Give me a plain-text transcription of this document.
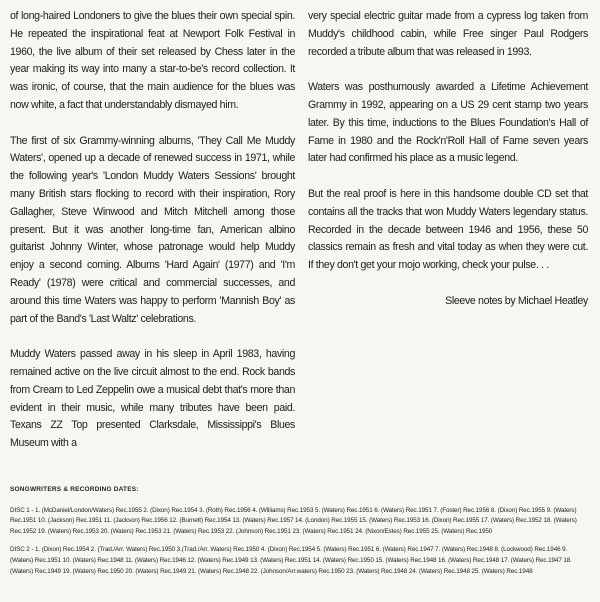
of long-haired Londoners to give the blues their own special spin. He repeated the inspirational feat at Newport Folk Festival in 1960, the live album of their set released by Chess later in the year making its way into many a star-to-be's record collection. It was ironic, of course, that the main audience for the blues was now white, a fact that understandably dismayed him.

The first of six Grammy-winning albums, 'They Call Me Muddy Waters', opened up a decade of renewed success in 1971, while the following year's 'London Muddy Waters Sessions' brought many British stars flocking to record with their inspiration, Rory Gallagher, Steve Winwood and Mitch Mitchell among those present. But it was another long-time fan, American albino guitarist Johnny Winter, whose patronage would help Muddy enjoy a second coming. Albums 'Hard Again' (1977) and 'I'm Ready' (1978) were critical and commercial successes, and around this time Waters was happy to perform 'Mannish Boy' as part of the Band's 'Last Waltz' celebrations.

Muddy Waters passed away in his sleep in April 1983, having remained active on the live circuit almost to the end. Rock bands from Cream to Led Zeppelin owe a musical debt that's more than evident in their music, while many tributes have been paid. Texans ZZ Top presented Clarksdale, Mississippi's Blues Museum with a

very special electric guitar made from a cypress log taken from Muddy's childhood cabin, while Free singer Paul Rodgers recorded a tribute album that was released in 1993.

Waters was posthumously awarded a Lifetime Achievement Grammy in 1992, appearing on a US 29 cent stamp two years later. By this time, inductions to the Blues Foundation's Hall of Fame in 1980 and the Rock'n'Roll Hall of Fame seven years later had confirmed his place as a music legend.

But the real proof is here in this handsome double CD set that contains all the tracks that won Muddy Waters legendary status. Recorded in the decade between 1946 and 1956, these 50 classics remain as fresh and vital today as when they were cut. If they don't get your mojo working, check your pulse. . .

Sleeve notes by Michael Heatley

SONGWRITERS & RECORDING DATES:
DISC 1 - 1. (McDaniel/London/Waters) Rec.1955 2. (Dixon) Rec.1954 3. (Roth) Rec.1956 4. (Williams) Rec.1953 5. (Waters) Rec.1951 6. (Waters) Rec.1951 7. (Foster) Rec.1956 8. (Dixon) Rec.1955 9. (Waters) Rec.1951 10. (Jackson) Rec.1951 11. (Jackson) Rec.1956 12. (Burnett) Rec.1954 13. (Waters) Rec.1957 14. (London) Rec.1955 15. (Waters) Rec.1953 16. (Dixon) Rec.1955 17. (Waters) Rec.1952 18. (Waters) Rec.1952 19. (Waters) Rec.1953 20. (Waters) Rec.1953 21. (Waters) Rec.1953 22. (Johnson) Rec.1951 23. (Waters) Rec.1951 24. (Nixon/Estes) Rec.1955 25. (Waters) Rec.1950
DISC 2 - 1. (Dixon) Rec.1954 2. (Trad./Arr. Waters) Rec.1950 3.(Trad./Arr. Waters) Rec.1950 4. (Dixon) Rec.1954 5. (Waters) Rec.1951 6. (Waters) Rec.1947 7. (Waters) Rec.1948 8. (Lockwood) Rec.1946 9. (Waters) Rec.1951 10. (Waters) Rec.1948 11. (Waters) Rec.1946 12. (Waters) Rec.1949 13. (Waters) Rec.1951 14. (Waters) Rec.1950 15. (Waters) Rec.1948 16. (Waters) Rec.1948 17. (Waters) Rec.1947 18. (Waters) Rec.1949 19. (Waters) Rec.1950 20. (Waters) Rec.1949 21. (Waters) Rec.1948 22. (Johnson/Arr.waters) Rec.1950 23. (Waters) Rec.1948 24. (Waters) Rec.1948 25. (Waters) Rec.1948
